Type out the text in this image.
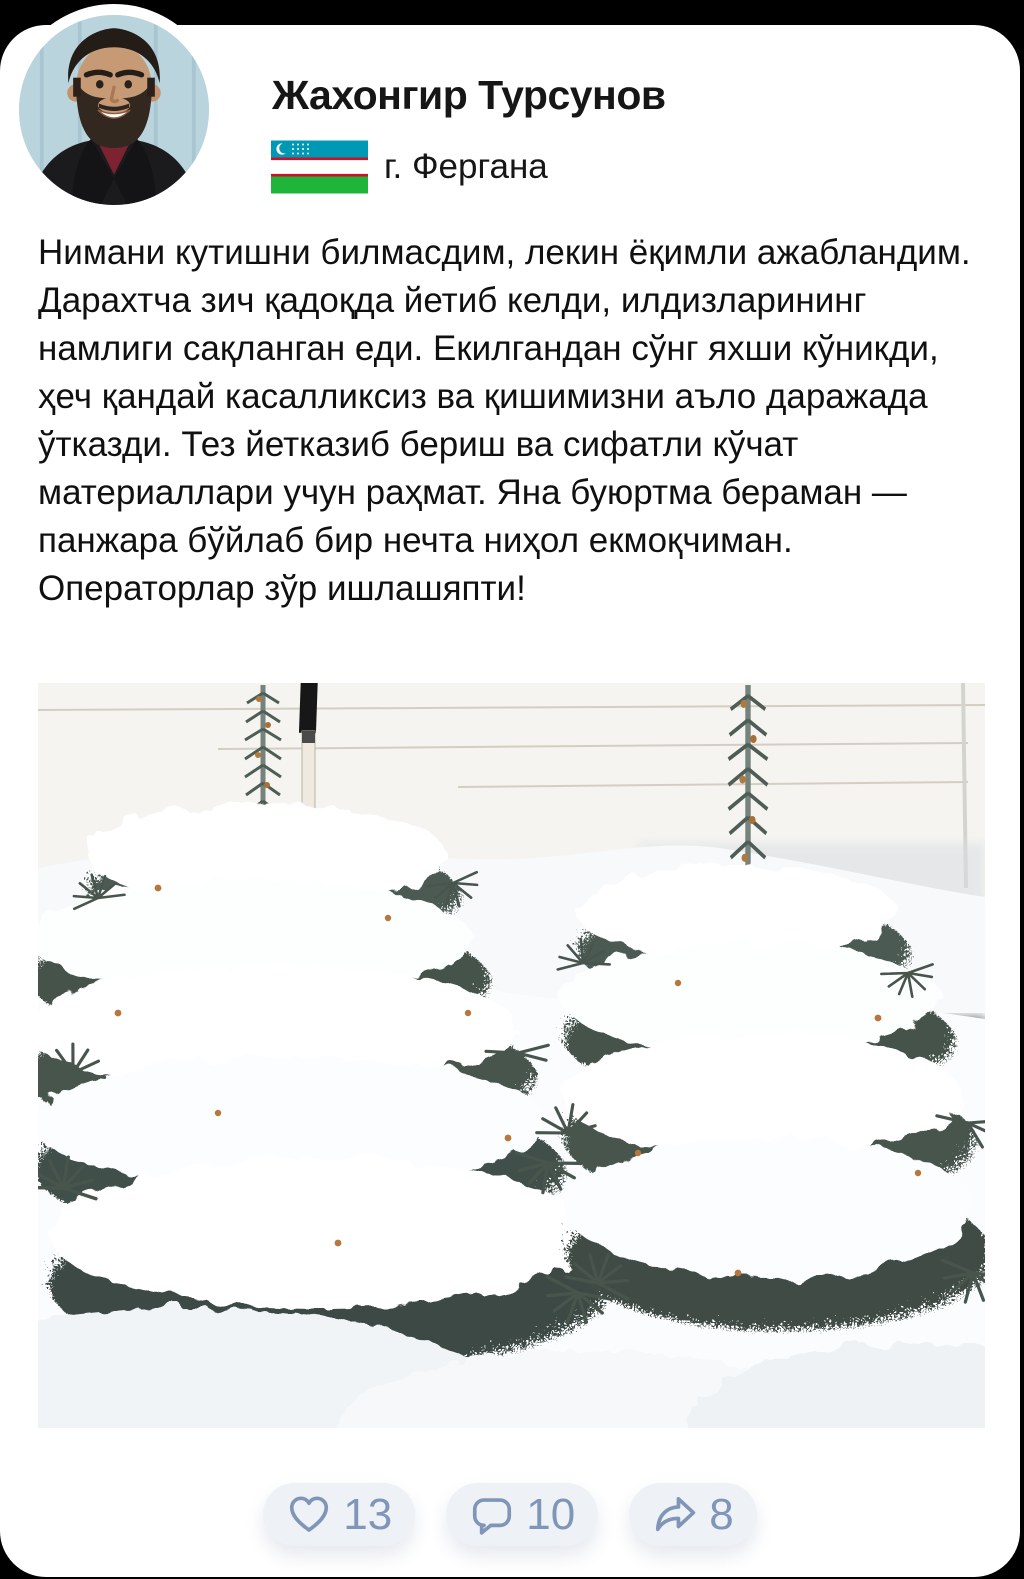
Жахонгир Турсунов
г. Фергана
Нимани кутишни билмасдим, лекин ёқимли ажабландим. Дарахтча зич қадоқда йетиб келди, илдизларининг намлиги сақланган еди. Екилгандан сўнг яхши кўникди, ҳеч қандай касалликсиз ва қишимизни аъло даражада ўтказди. Тез йетказиб бериш ва сифатли кўчат материаллари учун раҳмат. Яна буюртма бераман — панжара бўйлаб бир нечта ниҳол екмоқчиман. Операторлар зўр ишлашяпти!
13	10	8
